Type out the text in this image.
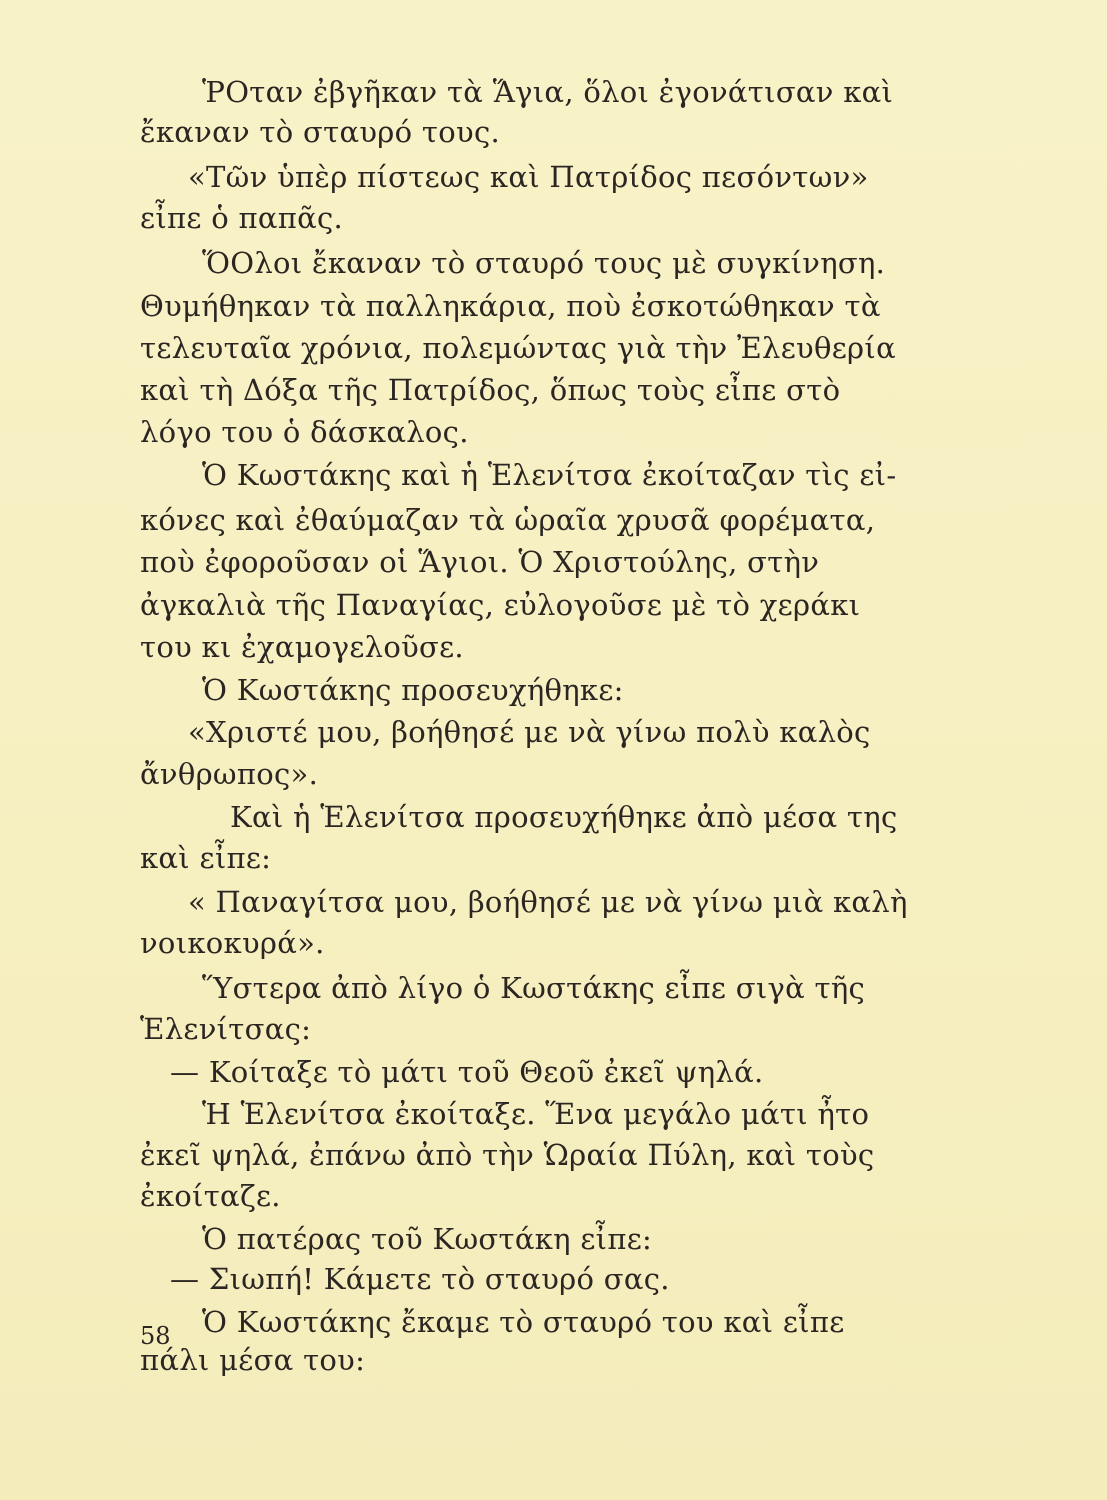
ῬΟταν ἐβγῆκαν τὰ Ἅγια, ὅλοι ἐγονάτισαν καὶ
ἔκαναν τὸ σταυρό τους.
«Τῶν ὑπὲρ πίστεως καὶ Πατρίδος πεσόντων»
εἶπε ὁ παπᾶς.
ὍΟλοι ἔκαναν τὸ σταυρό τους μὲ συγκίνηση.
Θυμήθηκαν τὰ παλληκάρια, ποὺ ἐσκοτώθηκαν τὰ
τελευταῖα χρόνια, πολεμώντας γιὰ τὴν Ἐλευθερία
καὶ τὴ Δόξα τῆς Πατρίδος, ὅπως τοὺς εἶπε στὸ
λόγο του ὁ δάσκαλος.
Ὁ Κωστάκης καὶ ἡ Ἑλενίτσα ἐκοίταζαν τὶς εἰ-
κόνες καὶ ἐθαύμαζαν τὰ ὡραῖα χρυσᾶ φορέματα,
ποὺ ἐφοροῦσαν οἱ Ἅγιοι. Ὁ Χριστούλης, στὴν
ἀγκαλιὰ τῆς Παναγίας, εὐλογοῦσε μὲ τὸ χεράκι
του κι ἐχαμογελοῦσε.
Ὁ Κωστάκης προσευχήθηκε:
«Χριστέ μου, βοήθησέ με νὰ γίνω πολὺ καλὸς
ἄνθρωπος».
Καὶ ἡ Ἑλενίτσα προσευχήθηκε ἀπὸ μέσα της
καὶ εἶπε:
« Παναγίτσα μου, βοήθησέ με νὰ γίνω μιὰ καλὴ
νοικοκυρά».
Ὕστερα ἀπὸ λίγο ὁ Κωστάκης εἶπε σιγὰ τῆς
Ἑλενίτσας:
— Κοίταξε τὸ μάτι τοῦ Θεοῦ ἐκεῖ ψηλά.
Ἡ Ἑλενίτσα ἐκοίταξε. Ἕνα μεγάλο μάτι ἦτο
ἐκεῖ ψηλά, ἐπάνω ἀπὸ τὴν Ὡραία Πύλη, καὶ τοὺς
ἐκοίταζε.
Ὁ πατέρας τοῦ Κωστάκη εἶπε:
— Σιωπή! Κάμετε τὸ σταυρό σας.
Ὁ Κωστάκης ἔκαμε τὸ σταυρό του καὶ εἶπε
πάλι μέσα του:
58
